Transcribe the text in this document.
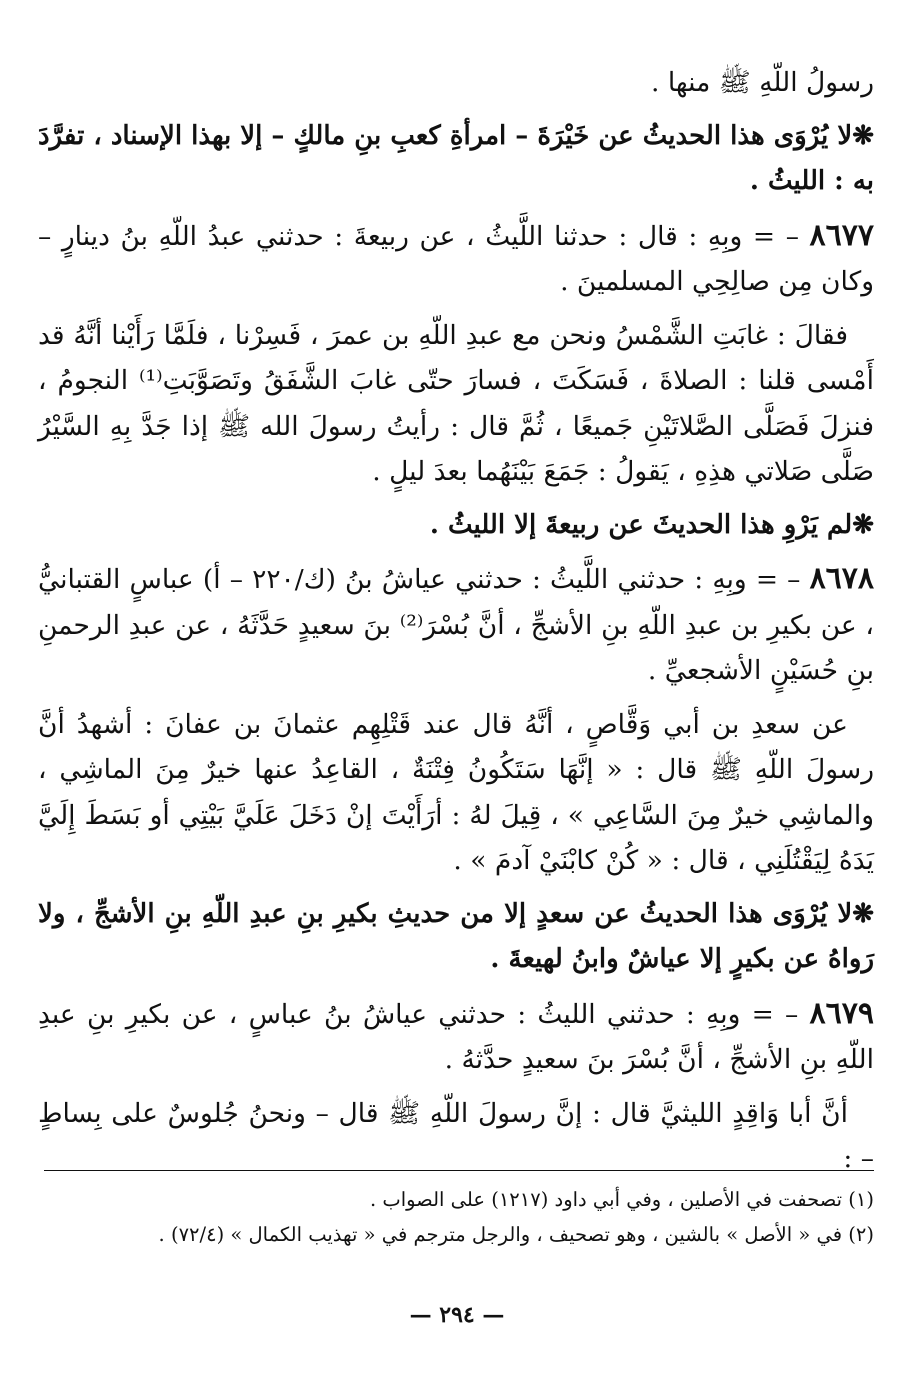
رسولُ اللّهِ ﷺ منها .

❋لا يُرْوَى هذا الحديثُ عن خَيْرَةَ – امرأةِ كعبِ بنِ مالكٍ – إلا بهذا الإسناد ، تفرَّدَ به : الليثُ .

٨٦٧٧ – = وبِهِ : قال : حدثنا اللَّيثُ ، عن ربيعةَ : حدثني عبدُ اللّهِ بنُ دينارٍ – وكان مِن صالِحِي المسلمينَ .

فقالَ : غابَتِ الشَّمْسُ ونحن مع عبدِ اللّهِ بن عمرَ ، فَسِرْنا ، فلَمَّا رَأَيْنا أنَّهُ قد أَمْسى قلنا : الصلاةَ ، فَسَكَتَ ، فسارَ حتّى غابَ الشَّفَقُ وتَصَوَّبَتِ⁽¹⁾ النجومُ ، فنزلَ فَصَلَّى الصَّلاتَيْنِ جَميعًا ، ثُمَّ قال : رأيتُ رسولَ الله ﷺ إذا جَدَّ بِهِ السَّيْرُ صَلَّى صَلاتي هذِهِ ، يَقولُ : جَمَعَ بَيْنَهُما بعدَ ليلٍ .

❋لم يَرْوِ هذا الحديثَ عن ربيعةَ إلا الليثُ .

٨٦٧٨ – = وبِهِ : حدثني اللَّيثُ : حدثني عياشُ بنُ (ك/٢٢٠ – أ) عباسٍ القتبانيُّ ، عن بكيرِ بن عبدِ اللّهِ بنِ الأشجِّ ، أنَّ بُسْرَ⁽²⁾ بنَ سعيدٍ حَدَّثَهُ ، عن عبدِ الرحمنِ بنِ حُسَيْنٍ الأشجعيِّ .

عن سعدِ بن أبي وَقَّاصٍ ، أنَّهُ قال عند قَتْلِهِم عثمانَ بن عفانَ : أشهدُ أنَّ رسولَ اللّهِ ﷺ قال : « إنَّهَا سَتَكُونُ فِتْنَةٌ ، القاعِدُ عنها خيرٌ مِنَ الماشِي ، والماشِي خيرٌ مِنَ السَّاعِي » ، قِيلَ لهُ : أرَأَيْتَ إنْ دَخَلَ عَلَيَّ بَيْتِي أو بَسَطَ إِلَيَّ يَدَهُ لِيَقْتُلَنِي ، قال : « كُنْ كابْنَيْ آدمَ » .

❋لا يُرْوَى هذا الحديثُ عن سعدٍ إلا من حديثِ بكيرِ بنِ عبدِ اللّهِ بنِ الأشجِّ ، ولا رَواهُ عن بكيرٍ إلا عياشٌ وابنُ لهيعةَ .

٨٦٧٩ – = وبِهِ : حدثني الليثُ : حدثني عياشُ بنُ عباسٍ ، عن بكيرِ بنِ عبدِ اللّهِ بنِ الأشجِّ ، أنَّ بُسْرَ بنَ سعيدٍ حدَّثهُ .

أنَّ أبا وَاقِدٍ الليثيَّ قال : إنَّ رسولَ اللّهِ ﷺ قال – ونحنُ جُلوسٌ على بِساطٍ – :

(١) تصحفت في الأصلين ، وفي أبي داود (١٢١٧) على الصواب .

(٢) في « الأصل » بالشين ، وهو تصحيف ، والرجل مترجم في « تهذيب الكمال » (٧٢/٤) .

— ٢٩٤ —
